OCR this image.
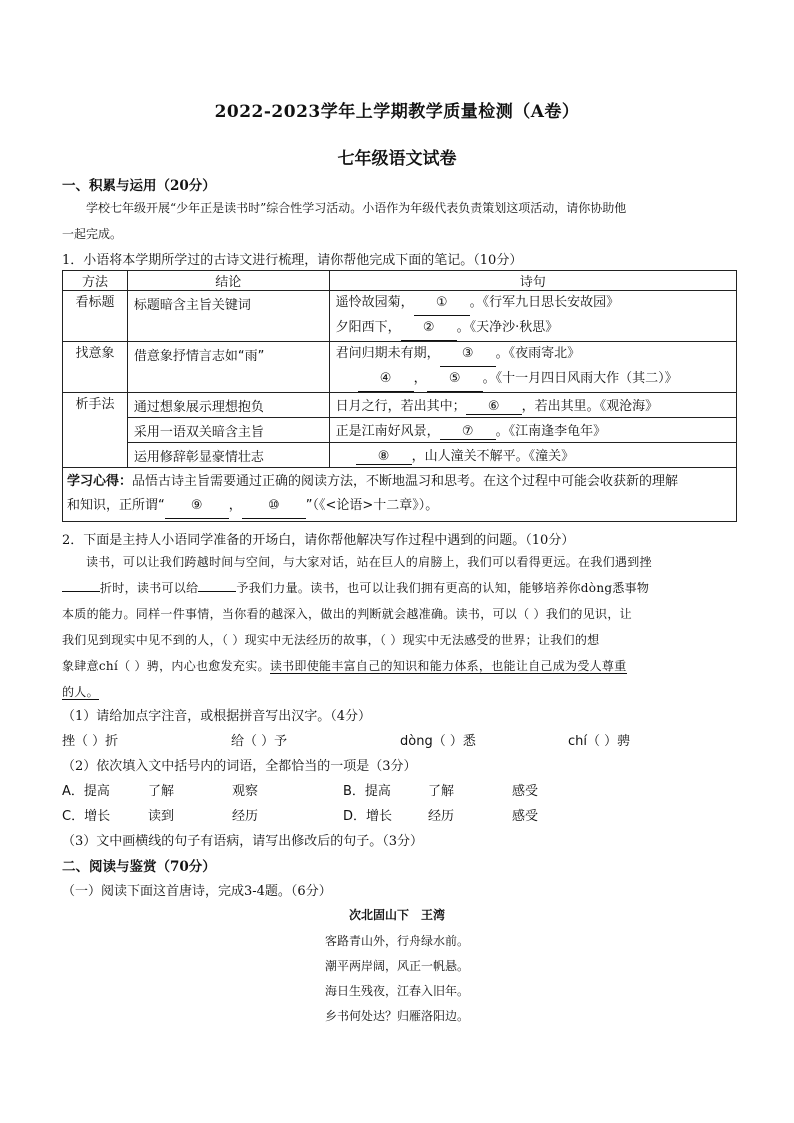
2022-2023学年上学期教学质量检测（A卷）
七年级语文试卷
一、积累与运用（20分）
学校七年级开展“少年正是读书时”综合性学习活动。小语作为年级代表负责策划这项活动，请你协助他
一起完成。
1．小语将本学期所学过的古诗文进行梳理，请你帮他完成下面的笔记。（10分）
方法	结论	诗句
看标题	标题暗含主旨关键词	遥怜故园菊， ① 。《行军九日思长安故园》
夕阳西下， ② 。《天净沙·秋思》

找意象	借意象抒情言志如“雨”	君问归期未有期， ③ 。《夜雨寄北》
④ ， ⑤ 。《十一月四日风雨大作（其二）》

析手法	通过想象展示理想抱负	日月之行，若出其中； ⑥ ，若出其里。《观沧海》
	采用一语双关暗含主旨	正是江南好风景， ⑦ 。《江南逢李龟年》
	运用修辞彰显豪情壮志	⑧ ，山人潼关不解平。《潼关》
学习心得：品悟古诗主旨需要通过正确的阅读方法，不断地温习和思考。在这个过程中可能会收获新的理解
和知识，正所谓“ ⑨ ， ⑩ ”（《<论语>十二章》）。		
2．下面是主持人小语同学准备的开场白，请你帮他解决写作过程中遇到的问题。（10分）
读书，可以让我们跨越时间与空间，与大家对话，站在巨人的肩膀上，我们可以看得更远。在我们遇到挫
折时，读书可以给	予我们力量。读书，也可以让我们拥有更高的认知，能够培养你dòng悉事物
本质的能力。同样一件事情，当你看的越深入，做出的判断就会越准确。读书，可以（ ）我们的见识，让
我们见到现实中见不到的人，（ ）现实中无法经历的故事，（ ）现实中无法感受的世界；让我们的想
象肆意chí（ ）骋，内心也愈发充实。读书即使能丰富自己的知识和能力体系，也能让自己成为受人尊重
的人。
（1）请给加点字注音，或根据拼音写出汉字。（4分）
挫（ ）折	给（ ）予	dòng（ ）悉	chí（ ）骋
（2）依次填入文中括号内的词语，全都恰当的一项是（3分）
A．提高	了解	观察	B．提高	了解	感受
C．增长	读到	经历	D．增长	经历	感受
（3）文中画横线的句子有语病，请写出修改后的句子。（3分）
二、阅读与鉴赏（70分）
（一）阅读下面这首唐诗，完成3-4题。（6分）
次北固山下　王湾
客路青山外，行舟绿水前。
潮平两岸阔，风正一帆悬。
海日生残夜，江春入旧年。
乡书何处达？归雁洛阳边。
